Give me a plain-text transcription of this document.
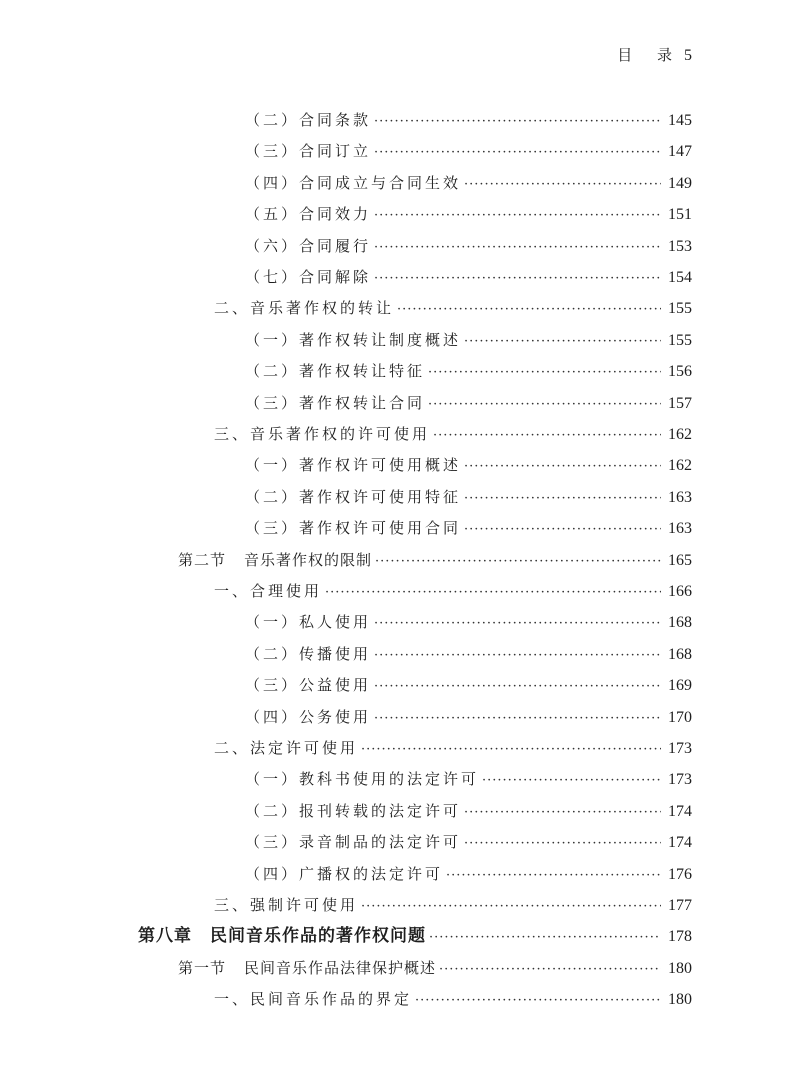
目 录 5
（二）合同条款 ·····	145
（三）合同订立 ·····	147
（四）合同成立与合同生效 ·····	149
（五）合同效力 ·····	151
（六）合同履行 ·····	153
（七）合同解除 ·····	154
二、音乐著作权的转让 ·····	155
（一）著作权转让制度概述 ·····	155
（二）著作权转让特征 ·····	156
（三）著作权转让合同 ·····	157
三、音乐著作权的许可使用 ·····	162
（一）著作权许可使用概述 ·····	162
（二）著作权许可使用特征 ·····	163
（三）著作权许可使用合同 ·····	163
第二节 音乐著作权的限制 ·····	165
一、合理使用 ·····	166
（一）私人使用 ·····	168
（二）传播使用 ·····	168
（三）公益使用 ·····	169
（四）公务使用 ·····	170
二、法定许可使用 ·····	173
（一）教科书使用的法定许可 ·····	173
（二）报刊转载的法定许可 ·····	174
（三）录音制品的法定许可 ·····	174
（四）广播权的法定许可 ·····	176
三、强制许可使用 ·····	177
第八章 民间音乐作品的著作权问题 ·····	178
第一节 民间音乐作品法律保护概述 ·····	180
一、民间音乐作品的界定 ·····	180
